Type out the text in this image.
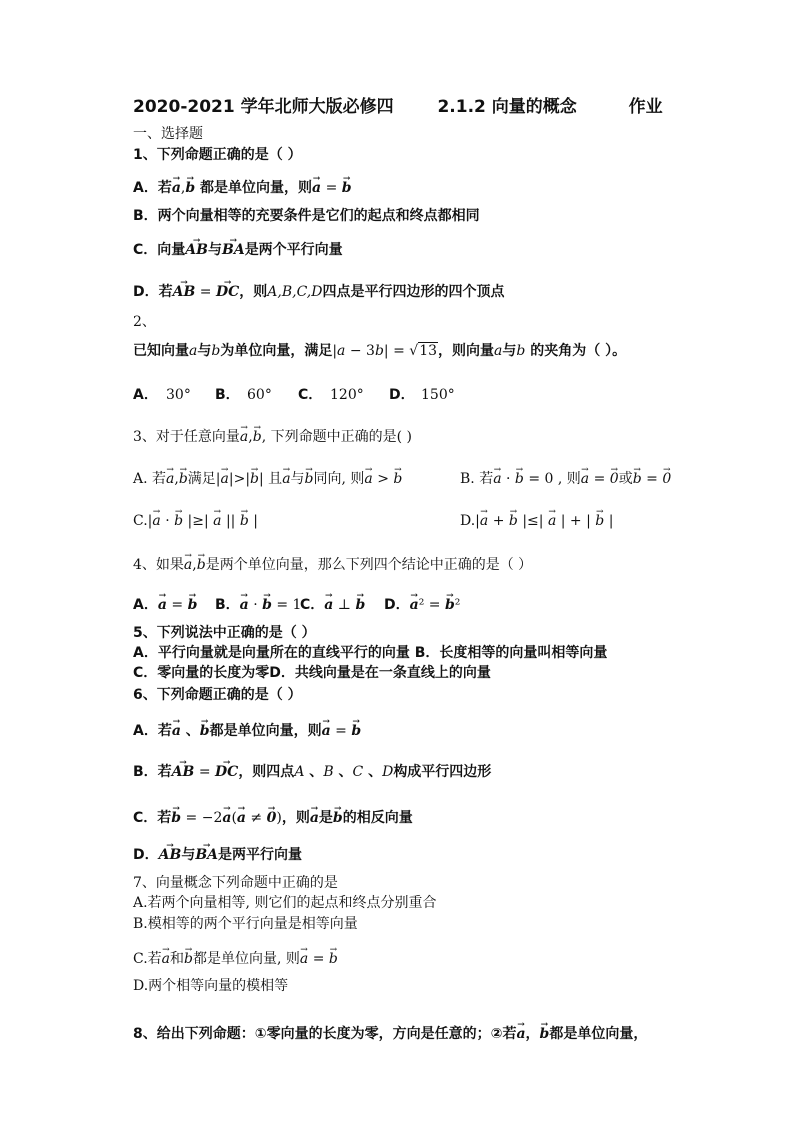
2020-2021 学年北师大版必修四	2.1.2 向量的概念	作业
一、选择题
1、下列命题正确的是（ ）
A．若→ a,→ b 都是单位向量，则→ a = → b
B．两个向量相等的充要条件是它们的起点和终点都相同
C．向量→ AB与→ BA是两个平行向量
D．若→ AB = → DC，则A,B,C,D四点是平行四边形的四个顶点
2、
已知向量a与b为单位向量，满足|a − 3b| = √13，则向量a与b 的夹角为（ ）。
A． 30° B． 60° C． 120° D． 150°
3、对于任意向量→ a,→ b, 下列命题中正确的是( )
A. 若→ a,→ b满足|→ a|>|→ b| 且→ a与→ b同向, 则→ a > → b	B. 若→ a · → b = 0 , 则→ a = → 0或→ b = → 0
C.|→ a · → b |≥| → a || → b |	D.|→ a + → b |≤| → a | + | → b |
4、如果→ a,→ b是两个单位向量，那么下列四个结论中正确的是（ ）
A．→ a = → b B．→ a · → b = 1
C．→ a ⊥ → b D．→ a² = → b²
5、下列说法中正确的是（ ）
A．平行向量就是向量所在的直线平行的向量 B．长度相等的向量叫相等向量
C．零向量的长度为零D．共线向量是在一条直线上的向量
6、下列命题正确的是（ ）
A．若→ a 、→ b都是单位向量，则→ a = → b
B．若→ AB = → DC，则四点A 、B 、C 、D构成平行四边形
C．若→ b = −2→ a(→ a ≠ → 0)，则→ a是→ b的相反向量
D．→ AB与→ BA是两平行向量
7、向量概念下列命题中正确的是
A.若两个向量相等, 则它们的起点和终点分别重合
B.模相等的两个平行向量是相等向量
C.若→ a和→ b都是单位向量, 则→ a = → b
D.两个相等向量的模相等
8、给出下列命题：①零向量的长度为零，方向是任意的；②若→ a，→ b都是单位向量，
